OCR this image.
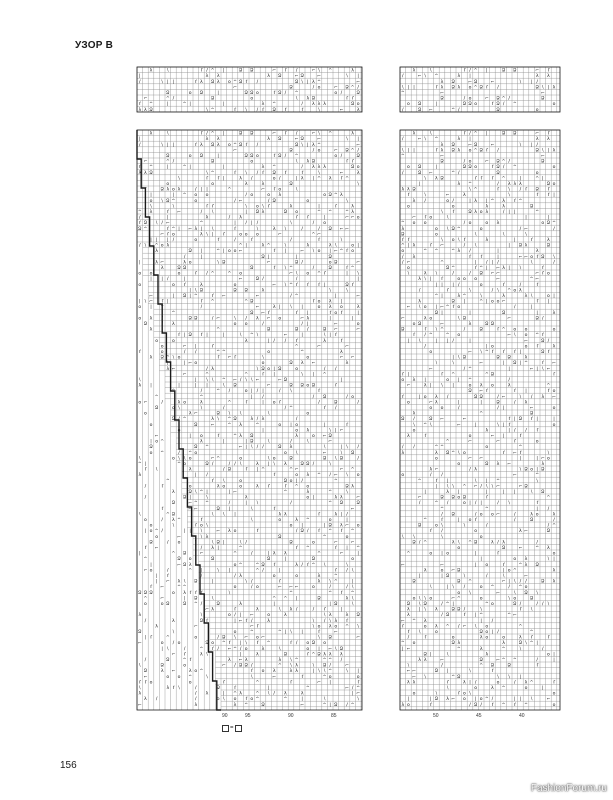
УЗОР В
λ	\	ٵ / ^ |	Ձ Ձ	⌐ ٵ /	⌐ \ ^	λ
|	λ λ	λ Ձ	⌐ Ձ	⌐	\ |
/	\ | |	ٵ λ Ձ λ o ^ Ձ ٵ /	Ձ \ | λ ^	⌐
⌐	Ձ	/ o	⌐ Ձ ^ /
Ձ	o Ձ	|	Ձ Ձ o	ٵ Ձ / ^	o /	Ձ
⌐	^ /	Ձ	o	\ λ Ձ	ٵ ٵ
ٵ ^	|	^ |	|	λ ^	/ λ λ λ	Ձ o
λ λ Ձ	\ ^	ٵ \ / ٵ Ձ ٵ	ٵ	\	⌐	λ
λ	\	ٵ / ^ |	Ձ Ձ	⌐ ٵ /	⌐ \ ^	λ
|	λ λ	λ Ձ	⌐ Ձ	⌐	\ |
/	\ | |	ٵ λ Ձ λ o ^ Ձ ٵ /	Ձ \ | λ ^	⌐
⌐	Ձ	/ o	⌐ Ձ ^ /
Ձ	o Ձ	|	Ձ Ձ o	ٵ Ձ / ^	o /	Ձ
⌐	^ /	Ձ	o	\ λ Ձ	ٵ ٵ
ٵ ^	|	^ |	|	λ ^	/ λ λ λ	Ձ o
λ λ Ձ	\ ^	ٵ \ / ٵ Ձ ٵ	ٵ	\	⌐	λ
\	ٵ ٵ |	λ /	o /	| λ | ^ λ ٵ ^
o	o	λ	λ	Ձ	\
ٵ	Ձ λ o λ	/ | |	^	⌐ ٵ o	\
|	| ^ o o	/ o	o λ	o Ձ ^ λ
o \ Ձ ^	o	/ ⌐	/ Ձ	o	\
\	\	ٵ ٵ	\ o \ ٵ	λ	|	ٵ	λ
^ | λ	ٵ ⌐	/ \	| Ձ λ	Ձ o	^ ^	^ λ
/	|	λ	/ λ	ٵ ٵ	|	⌐ ⌐ o
ٵ Ձ \ / ⌐	^	| / | /	\	/ o
Ձ ^	ٵ ^ | ⌐ λ | \	ٵ	\	λ \	/	/ Ձ ⌐ ⌐
⌐ ٵ o	λ \ | ٵ	o o o	⌐	^ ⌐
| | | /	o	ٵ	/	ٵ	/	ٵ	\
/ \ ^ o λ	^ |	λ ^	\	λ	λ \	o |
λ	Ձ |	^ | o o ⌐	ٵ |	⌐ \ o | ⌐ ^ ٵ o
/	|	Ձ |	|	Ձ
|	λ ⌐	λ o	\ Ձ	⌐	Ձ /	o Ձ	⌐
λ	Ձ Ձ	Ձ	ٵ \ ^	/	Ձ	ٵ ^
o o	o	ٵ / ^	^ o	⌐ \ o ^ ٵ	| \
| | /	|	⌐	Ձ /	/	|
o	o ٵ	λ	o	⌐ \ ^ ٵ ٵ ٵ |	Ձ ٵ
| \ Ձ	Ձ Ձ	λ	\	\
⌐	| Ձ | ^	ٵ ⌐	⌐	/ ^	|	⌐
| \ ⌐ ٵ |	ٵ ^	^ Ձ	ٵ o λ |
o | ^	/	⌐	λ | \ |	o λ o	λ
^	Ձ ⌐ ٵ	ٵ |	ٵ o ٵ	|
o λ /	Ձ Ձ	/ ⌐	\ / λ ⌐ o	⌐ λ	|	|
Ձ	/ λ	o o	/	/ |	⌐	o
λ	^	Ձ	Ձ /	Ձ ⌐	⌐
ٵ | Ձ ٵ |	|	\ ^ \	⌐	|	\ | ٵ
o	o	λ	| / / ٵ	λ	ٵ
o	⌐ |	ٵ	^	⌐	⌐
ٵ	o	/ /	^ ^	o	^	λ
λ Ձ ^ \ o	ٵ ⌐ ٵ	\	o	⌐ ⌐
|	| ⌐ o	o	Ձ λ ⌐	λ
λ ⌐	/ λ	\ Ձ o | Ձ	o	/ /
⌐	^	^	ٵ |	\ | ^
\	| \ \ ^ ⌐ / \ \ ⌐	⌐ Ձ	|
λ |	|	| |	\ Ձ	⌐	Ձ Ձ o Ձ	ٵ
^	/	^ /	o | / |	/ \	ٵ
^	^	| /	/ Ձ	/ o
o ⌐	/	λ o	λ	^	ٵ	| o ٵ	/	Ձ	/
Ձ	o \	\	/	/ ^	ٵ /
o	λ ⌐	Ձ \ \	\	o
Ձ / ^	λ \ ^ Ձ	λ / λ	/
o	Ձ	⌐	^ λ	^	o | o	|	ٵ
o	|	o λ	\ | ⌐
⌐	| o	ٵ	^ λ Ձ	λ	o ⌐ Ձ
| o ^	λ	|	| Ձ	\	/	\	⌐
Ձ	Ձ ^	⌐ | \ / /	Ձ λ	\	| \ /
o ^	/ ^ o	o \	⌐	\ Ձ
\	o \ \ o	⌐ ^	o	\ o	Ձ	Ձ \ Ձ	/
^ |	^ o	Ձ /	/ / \	λ | \ λ	Ձ Ձ /	\
ٵ \	λ	/ Ձ	ٵ | ^	^ ⌐	⌐ ^
λ	| /	ٵ	o λ ^ / ⌐ \ o
^	ٵ \	o	Ձ o | /	^
/	ٵ	o	λ o	o	λ ٵ	ٵ ^ o	Ձ λ
λ	Ձ \ ^ |	| ⌐	^	λ	^	\
/	Ձ |	\	λ	o |	λ λ	⌐
Ձ	⌐ ^ ^	/	| \	/	^ Ձ	Ձ
ٵ	⌐ ⌐	Ձ |	\	ٵ	⌐
\	^ Ձ	\ \ |	λ λ	ٵ	λ | /
o	/ λ ^	ٵ	\	o	λ ^	o	|
o	\	ٵ o \	o |	| Ձ λ ⌐ o
| o ^ /	| | \	⌐ λ o	ٵ	/ Ձ / ٵ ^ ٵ ^
o	⌐	\ λ	Ձ	^	o
Ձ	/ o	\	\ Ձ |	\ /	Ձ	o	⌐	⌐
ٵ ⌐	/ λ |	^	ٵ ^	ٵ | ^
|	^ Ձ	⌐	^	/	| λ λ	^	⌐	|
^	Ձ o	Ձ	Ձ	|	Ձ	o
|	⌐ Ձ λ	o ^	^ Ձ ٵ	λ / ٵ ^ \	\
⌐ o	/	^ |	\ |	^ /	|	ٵ / \
| ٵ	/	/ λ	o	o	λ	^
| ⌐ λ \ Ձ	|	\ /	ٵ	λ \ ^	|
ٵ ⌐	^ ^	o	/ o	⌐ ⌐ ⌐	o	/	/ \
Ձ Ձ Ձ	o λ ٵ ٵ ٵ	\	^	^ ٵ ^
^	⌐	| Ձ	\	^ ^ |	Ձ	λ \
o	o Ձ	Ձ ^ /	Ձ	λ	|	| Ձ	\
⌐ λ	ٵ	λ	\ λ /	/ ٵ	|
λ	\	o / | ⌐	o	λ	\ λ	λ Ձ
/	λ	Ձ ٵ	| ⌐ ٵ /	λ	\ / \ λ ٵ
λ	⌐	⌐ ٵ	\ o λ o ^ \
Ձ	\	o	^	^ | \ |	ٵ	⌐
| ٵ	^	o	/ Ձ \ ⌐ o ⌐	\ Ձ	⌐
⌐	o / o	Ձ o ^ ٵ | \ ٵ ^	ٵ / o Ձ o
| \	/	^ ٵ / ⌐ ^ / o	λ	\	o | ⌐ \ Ձ
⌐ ٵ	λ \	|	λ	Ձ	ٵ ^ Ձ λ λ λ
/	Ձ	^ ٵ	λ ⌐ λ	λ \ ^	^ ^ /
\	Ձ	o	⌐ / Ձ Ձ /	^ \ λ	\ Ձ /	⌐
Ձ	λ ⌐	λ o ^	ٵ o λ	λ λ	| \ \ ^	\ |
⌐	o o ^	\	\	⌐	ٵ	^ o	o
ٵ ٵ o	o	ٵ	^	ٵ	⌐ |	ٵ
\	λ ٵ \	/	Ձ	ٵ	|	^	⌐ / ^
λ	/ λ	| ^ λ	^ \ / λ	λ	| ⌐
λ /	/	o \ o ٵ o ^	^	|	\	\
⌐	λ	λ ^	Ձ	⌐	^ | Ձ / ^
λ	\	ٵ / ^ |	Ձ Ձ	⌐ ٵ
/	⌐ \ ^	λ |	λ λ
λ Ձ	⌐ Ձ	⌐	\ | /
\ | |	ٵ λ Ձ λ o ^ Ձ ٵ /	Ձ \ | λ
^	⌐	⌐
Ձ	/ o	⌐ Ձ ^ /	Ձ
o Ձ	|	Ձ Ձ o	ٵ Ձ / ^	o
/	Ձ ⌐	^ /	Ձ	o
λ	\	ٵ / ^ |	Ձ Ձ	⌐ ٵ
/	⌐ \ ^	λ |	λ λ
λ Ձ	⌐ Ձ	⌐	\ | /
\ | |	ٵ λ Ձ λ o ^ Ձ ٵ /	Ձ \ | λ
^	⌐	⌐
Ձ	/ o	⌐ Ձ ^ /	Ձ
o Ձ	|	Ձ Ձ o	ٵ Ձ / ^	o
/	Ձ ⌐	^ /	Ձ	o
\ λ Ձ	ٵ ٵ ٵ ^	|	^ |
|	λ ^	/ λ λ λ	Ձ o
λ λ Ձ	\ ^	ٵ \ / ٵ Ձ ٵ
ٵ	\	⌐	λ	\	ٵ ٵ |
λ /	o /	| λ | ^ λ ٵ ^
o	o	λ	λ	Ձ
\ ٵ	Ձ λ o λ	/ | |	^
⌐ ٵ o	\	|	|
^ o o	/ o	o λ	o Ձ ^
λ	o \ Ձ ^	o	/ ⌐	/
Ձ	o	\	\	\
ٵ ٵ	\ o \ ٵ	λ	|	ٵ	λ
^ | λ	ٵ ⌐	/ \	| Ձ λ	Ձ
o	^ ^	^ λ /	|	λ
/ λ	ٵ ٵ	|	⌐ ⌐ o ٵ Ձ \
/ ⌐	^	| / | /	\	/
o	Ձ ^	ٵ ^ | ⌐ λ | \	ٵ
\	λ \	/	/ Ձ ⌐ ⌐	⌐ ٵ o
λ \ | ٵ	o o o	⌐	^ ⌐
| | | /	o	ٵ	/	ٵ
/	ٵ	\	/ \ ^ o λ
^ |	λ ^	\	λ	λ \	o |
λ	Ձ |	^ | o o ⌐	ٵ |
⌐ \ o | ⌐ ^ ٵ o	/	|
Ձ |	|	Ձ	|	λ
⌐	λ o	\ Ձ	⌐	Ձ /
o Ձ	⌐	λ	Ձ Ձ
Ձ	ٵ \ ^	/	Ձ	ٵ ^ o o	o
ٵ / ^	^ o	⌐ \ o ^ ٵ
| \	| | /	|	⌐	Ձ /
/	| o	o ٵ	λ
o	⌐ \ ^ ٵ ٵ ٵ |	Ձ ٵ
| \ Ձ	Ձ Ձ	λ
\	\	⌐	| Ձ | ^	ٵ ⌐
⌐	/ ^	|	⌐ | \ ⌐
ٵ |	ٵ ^	^ Ձ	ٵ
o λ |	o | ^	/
⌐	λ | \ |	o λ o	λ	^
Ձ ⌐ ٵ	ٵ |	ٵ o
ٵ	| o λ /	Ձ Ձ	/ ⌐	\ / λ ⌐
o	⌐ λ	|	|	Ձ	/ λ
o o	/	/ |	⌐	o
λ	^	Ձ
Ձ /	Ձ ⌐	⌐	ٵ | Ձ ٵ |	|
\ ^ \	⌐	|	\ | ٵ	o
o	λ	| / / ٵ
λ	ٵ	o	⌐ |	ٵ
^	⌐	⌐	ٵ	o
/ /	^ ^	o	^
λ	λ Ձ ^ \ o	ٵ ⌐ ٵ	\
o	⌐ ⌐	|	| ⌐ o
o	Ձ λ ⌐	λ
λ ⌐	/ λ	\ Ձ o | Ձ
o	/ /	⌐	^
^	ٵ |	\ | ^	\
| \ \ ^ ⌐ / \ \ ⌐	⌐ Ձ
|	λ |	|	| |	\ Ձ
⌐	Ձ Ձ o Ձ	ٵ	^
/	^ /	o | / |	/ \	ٵ
^	^	| /
/ Ձ	/ o o ⌐	/	λ o	λ
^	ٵ	| o ٵ	/	Ձ	/
Ձ	o \	\	/	/ ^
ٵ /	o	λ ⌐	Ձ
\ \	\	o
Ձ / ^	λ \ ^ Ձ	λ / λ	/
o	Ձ	⌐	^ λ
^	o | o	|	ٵ	o
|	o λ	\ |
⌐	⌐	| o	ٵ	^ λ Ձ
λ	o ⌐ Ձ	| o ^	λ
|	| Ձ	\	/	\	⌐
Ձ	Ձ ^	⌐ | \ / /	Ձ λ
\	| \ /	o ^	/ ^ o
o \	⌐	\ Ձ \
o \ \ o	⌐ ^	o	\ o	Ձ
Ձ \ Ձ	/ ^ |	^ o	Ձ /	/ / \
λ | \ λ	Ձ Ձ /	\	ٵ \
λ	/ Ձ	ٵ | ^	^ ⌐
⌐ ^ λ	| /
ٵ	o λ ^ / ⌐ \ o	^
ٵ \	o	Ձ o | /	^
/	ٵ	o	λ o	o	λ ٵ	ٵ
^ o	Ձ λ	λ	Ձ \ ^ |
| ⌐	^	λ	^	\	/
Ձ |	\	λ	o |
λ λ	⌐	Ձ	⌐ ^ ^	/	|
\	/	^ Ձ	Ձ	ٵ
⌐ ⌐	Ձ |	\	ٵ
⌐ \	^ Ձ	\ \ |
λ λ	ٵ	λ | /	o	/ λ ^	ٵ
\	o	λ ^	o	|
o	\	ٵ o \	o
|	| Ձ λ ⌐ o | o ^ /	| | \	⌐
λ o	ٵ	/ Ձ / ٵ ^ ٵ ^	o
90	95	90	85	50	45	40
=
156
FashionForum.ru
